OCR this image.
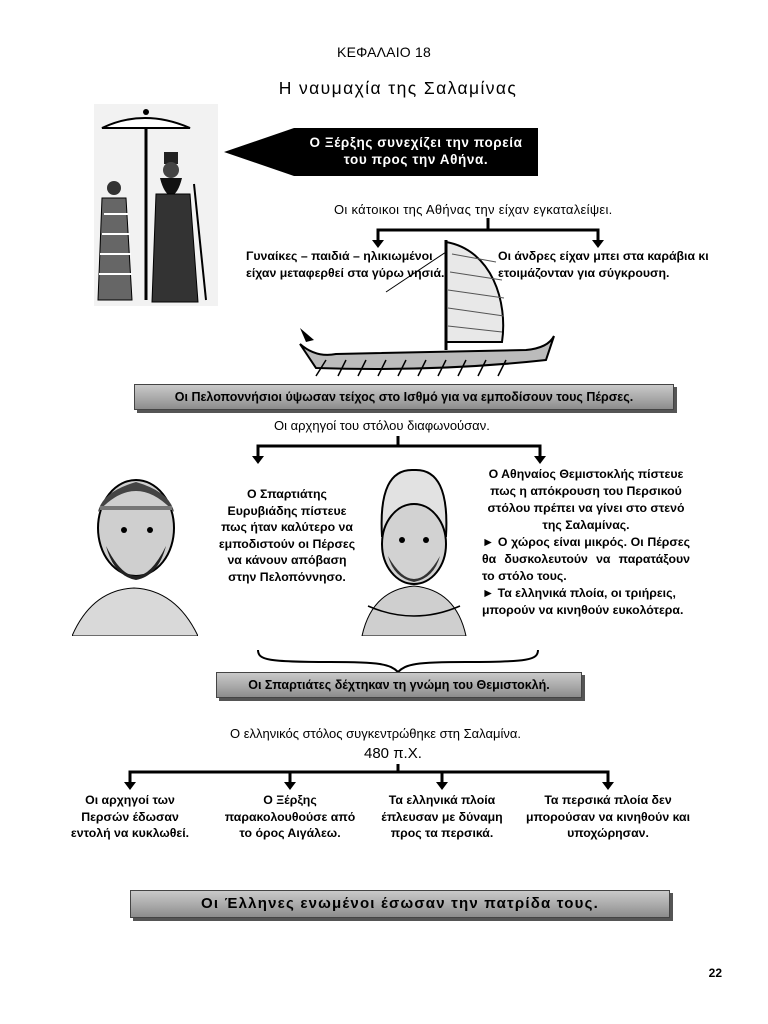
ΚΕΦΑΛΑΙΟ 18
Η ναυμαχία της Σαλαμίνας
Ο Ξέρξης συνεχίζει την πορεία του προς την Αθήνα.
Οι κάτοικοι της Αθήνας την είχαν εγκαταλείψει.
Γυναίκες – παιδιά – ηλικιωμένοι είχαν μεταφερθεί στα γύρω νησιά.
Οι άνδρες είχαν μπει στα καράβια κι ετοιμάζονταν για σύγκρουση.
Οι Πελοποννήσιοι ύψωσαν τείχος στο Ισθμό για να εμποδίσουν τους Πέρσες.
Οι αρχηγοί του στόλου διαφωνούσαν.
Ο Σπαρτιάτης Ευρυβιάδης πίστευε πως ήταν καλύτερο να εμποδιστούν οι Πέρσες να κάνουν απόβαση στην Πελοπόννησο.
Ο Αθηναίος Θεμιστοκλής πίστευε πως η απόκρουση του Περσικού στόλου πρέπει να γίνει στο στενό της Σαλαμίνας.
► Ο χώρος είναι μικρός. Οι Πέρσες θα δυσκολευτούν να παρατάξουν το στόλο τους.
► Τα ελληνικά πλοία, οι τριήρεις, μπορούν να κινηθούν ευκολότερα.
Οι Σπαρτιάτες δέχτηκαν τη γνώμη του Θεμιστοκλή.
Ο ελληνικός στόλος συγκεντρώθηκε στη Σαλαμίνα.
480 π.Χ.
Οι αρχηγοί των Περσών έδωσαν εντολή να κυκλωθεί.
Ο Ξέρξης παρακολουθούσε από το όρος Αιγάλεω.
Τα ελληνικά πλοία έπλευσαν με δύναμη προς τα περσικά.
Τα περσικά πλοία δεν μπορούσαν να κινηθούν και υποχώρησαν.
Οι Έλληνες ενωμένοι έσωσαν την πατρίδα τους.
22
